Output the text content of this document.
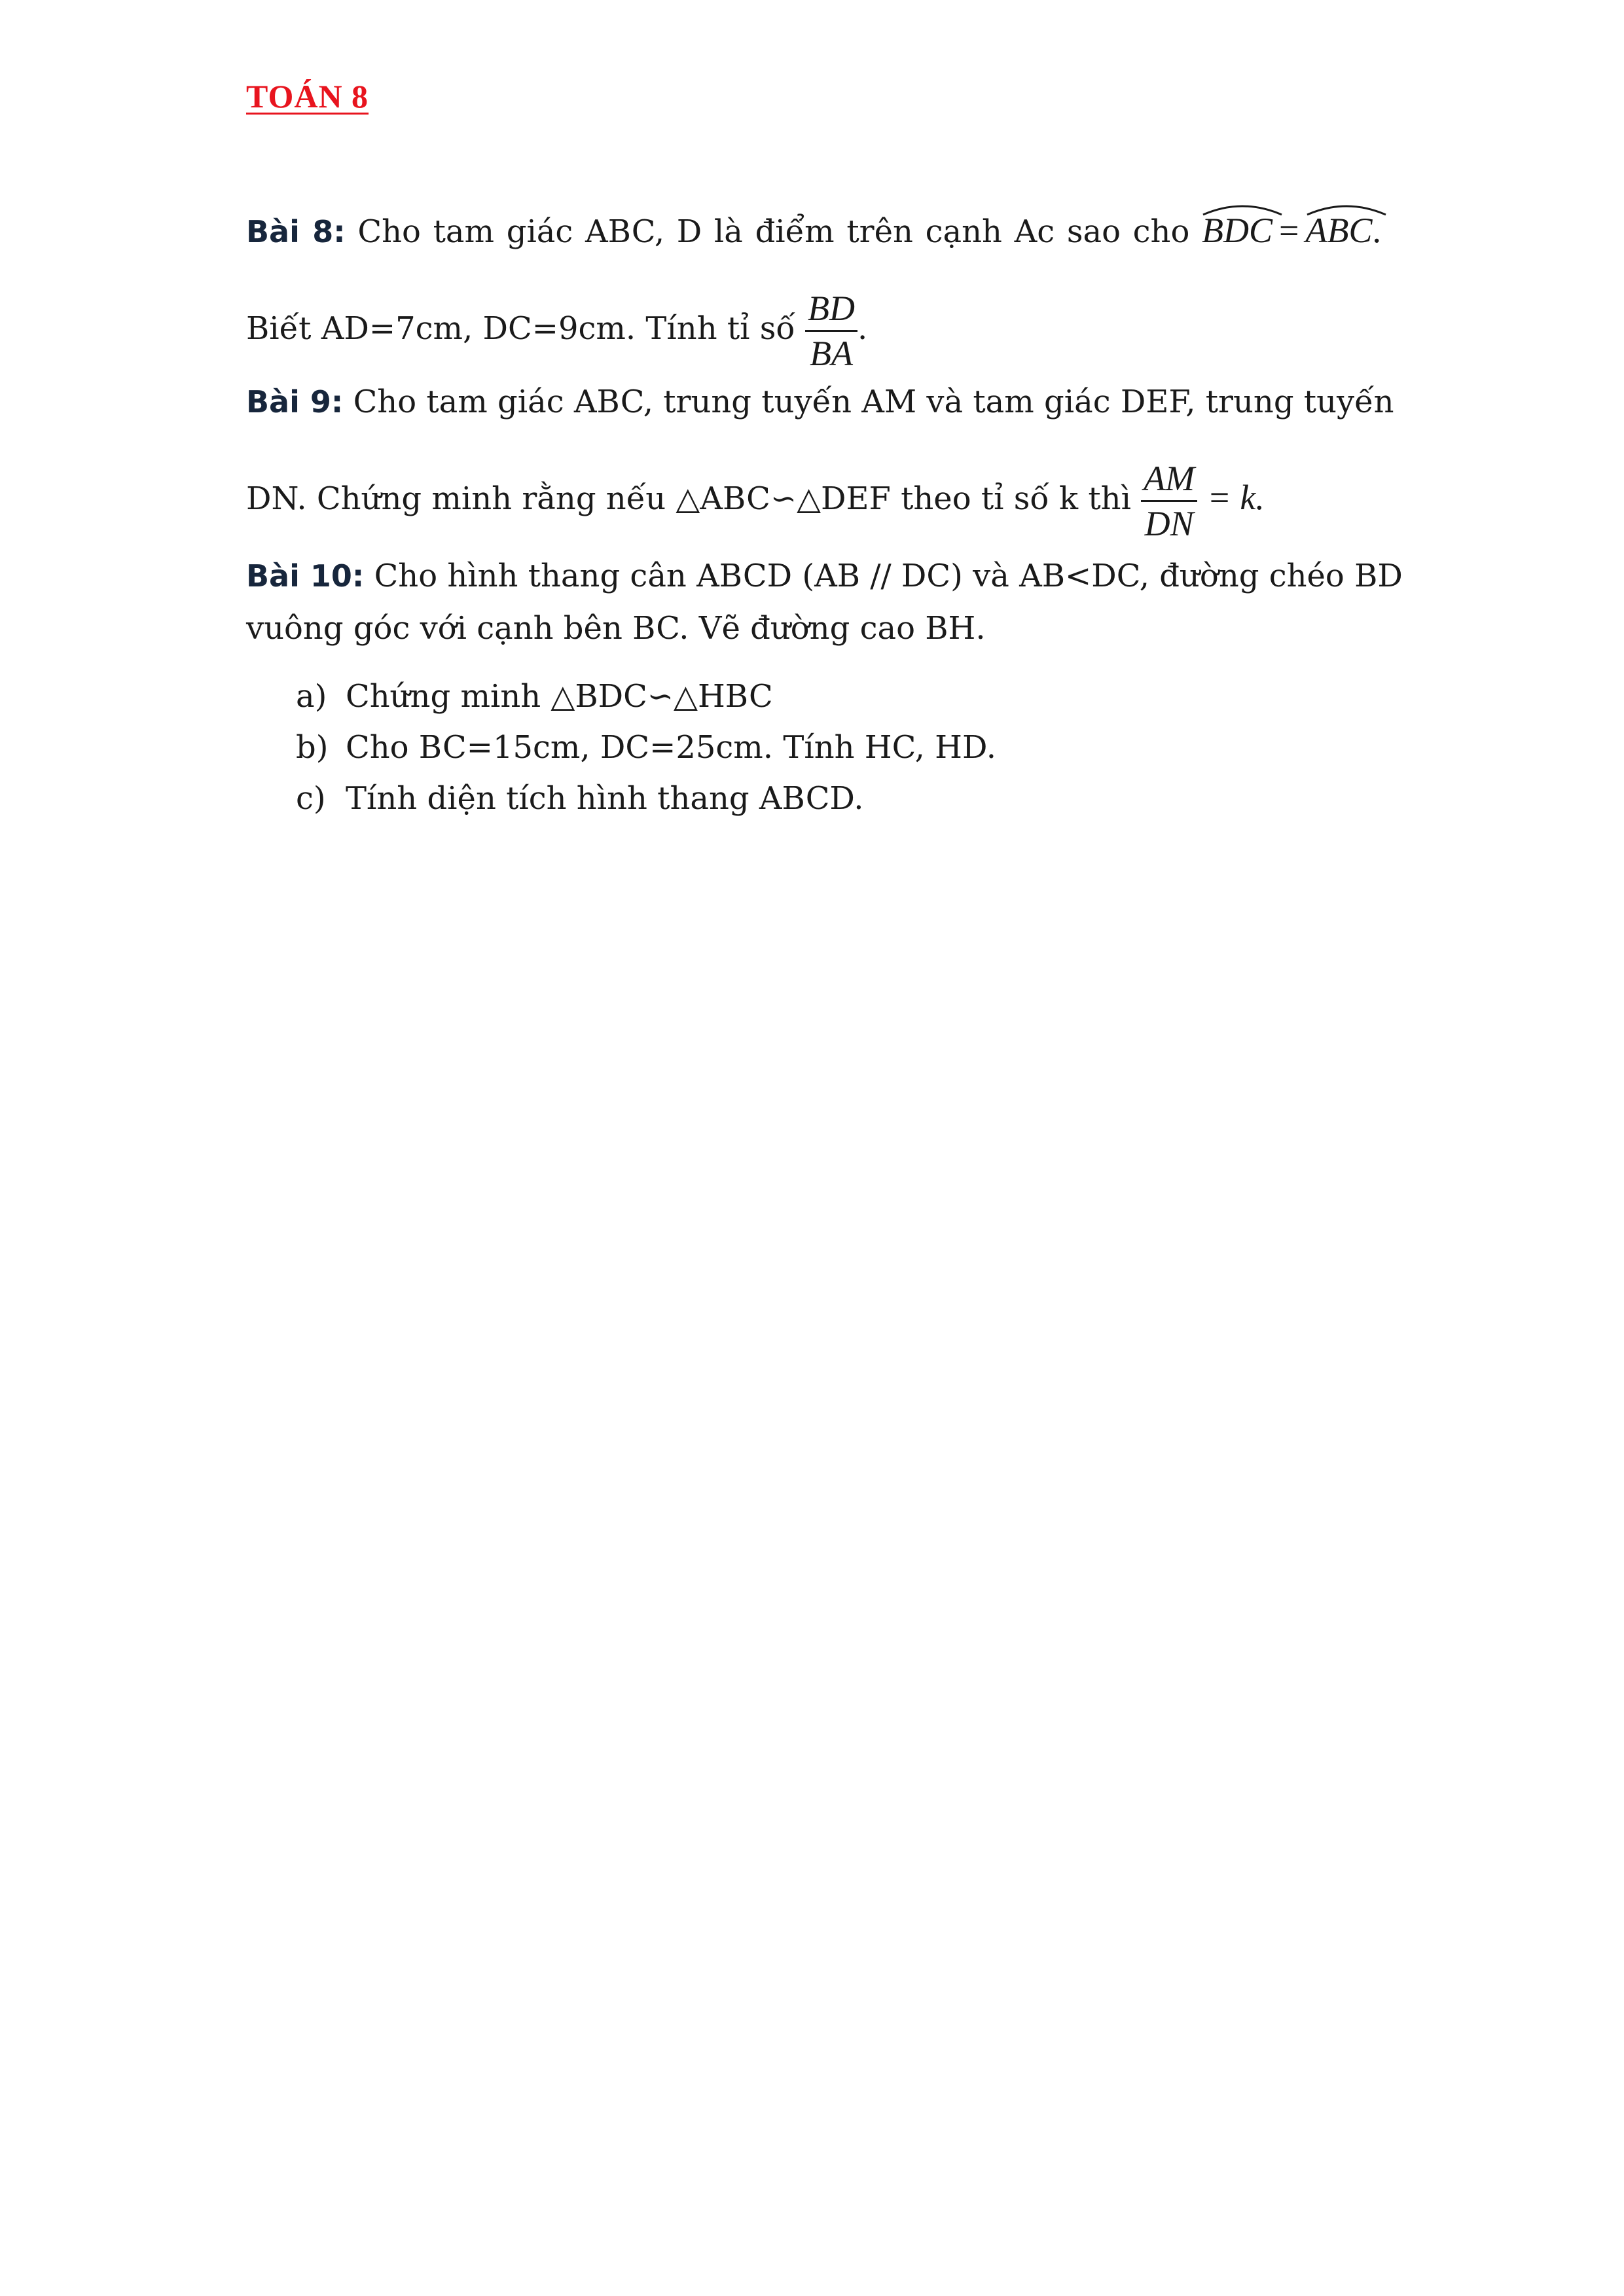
TOÁN 8
Bài 8: Cho tam giác ABC, D là điểm trên cạnh Ac sao cho BDC = ABC.
Biết AD=7cm, DC=9cm. Tính tỉ số $\frac{BD}{BA}$ .
Bài 9: Cho tam giác ABC, trung tuyến AM và tam giác DEF, trung tuyến
DN. Chứng minh rằng nếu △ABC∽△DEF theo tỉ số k thì $\frac{AM}{DN} = k$.
Bài 10: Cho hình thang cân ABCD (AB // DC) và AB<DC, đường chéo BD
vuông góc với cạnh bên BC. Vẽ đường cao BH.
a) Chứng minh △BDC∽△HBC
b) Cho BC=15cm, DC=25cm. Tính HC, HD.
c) Tính diện tích hình thang ABCD.
